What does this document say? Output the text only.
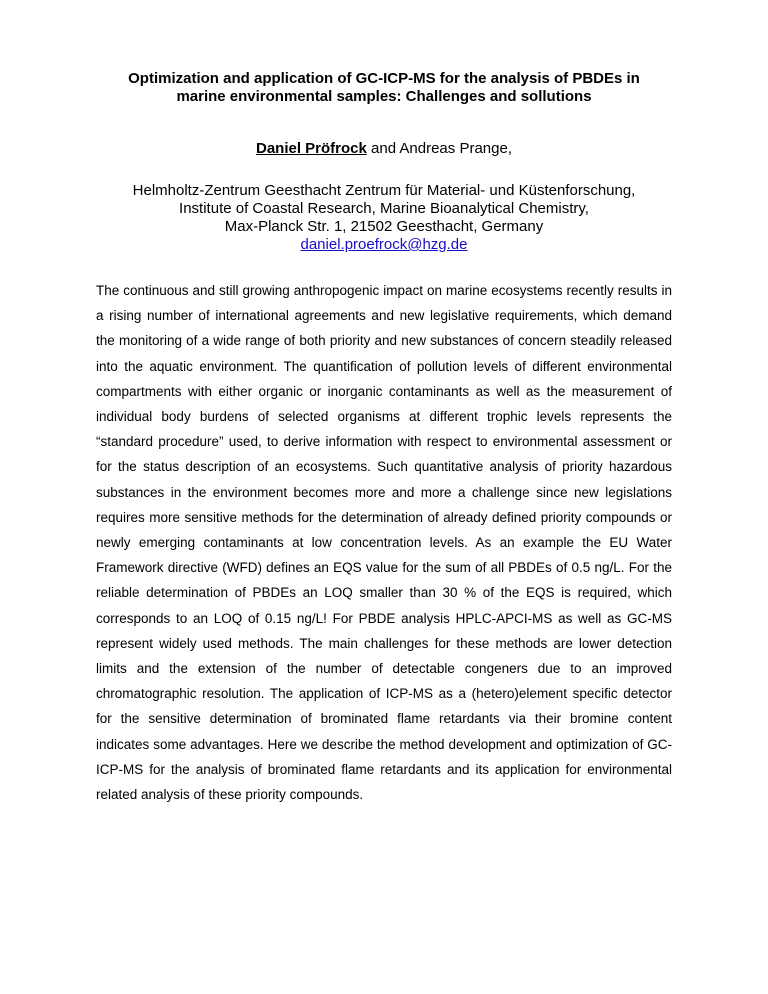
Optimization and application of GC-ICP-MS for the analysis of PBDEs in marine environmental samples: Challenges and sollutions
Daniel Pröfrock and Andreas Prange,
Helmholtz-Zentrum Geesthacht Zentrum für Material- und Küstenforschung,
Institute of Coastal Research, Marine Bioanalytical Chemistry,
Max-Planck Str. 1, 21502 Geesthacht, Germany
daniel.proefrock@hzg.de
The continuous and still growing anthropogenic impact on marine ecosystems recently results in a rising number of international agreements and new legislative requirements, which demand the monitoring of a wide range of both priority and new substances of concern steadily released into the aquatic environment. The quantification of pollution levels of different environmental compartments with either organic or inorganic contaminants as well as the measurement of individual body burdens of selected organisms at different trophic levels represents the “standard procedure” used, to derive information with respect to environmental assessment or for the status description of an ecosystems. Such quantitative analysis of priority hazardous substances in the environment becomes more and more a challenge since new legislations requires more sensitive methods for the determination of already defined priority compounds or newly emerging contaminants at low concentration levels. As an example the EU Water Framework directive (WFD) defines an EQS value for the sum of all PBDEs of 0.5 ng/L. For the reliable determination of PBDEs an LOQ smaller than 30 % of the EQS is required, which corresponds to an LOQ of 0.15 ng/L! For PBDE analysis HPLC-APCI-MS as well as GC-MS represent widely used methods. The main challenges for these methods are lower detection limits and the extension of the number of detectable congeners due to an improved chromatographic resolution. The application of ICP-MS as a (hetero)element specific detector for the sensitive determination of brominated flame retardants via their bromine content indicates some advantages. Here we describe the method development and optimization of GC-ICP-MS for the analysis of brominated flame retardants and its application for environmental related analysis of these priority compounds.
